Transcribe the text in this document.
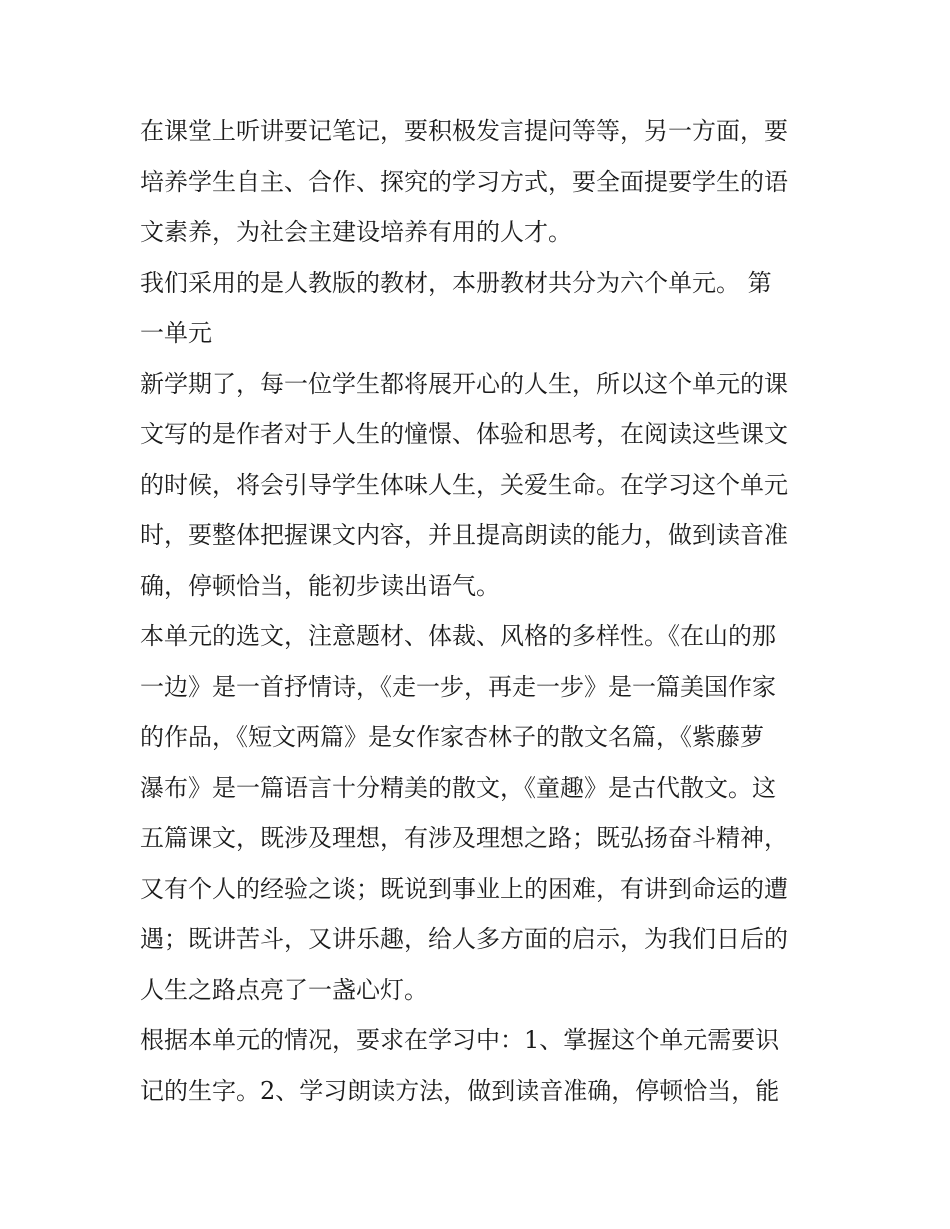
在课堂上听讲要记笔记，要积极发言提问等等，另一方面，要
培养学生自主、合作、探究的学习方式，要全面提要学生的语
文素养，为社会主建设培养有用的人才。
我们采用的是人教版的教材，本册教材共分为六个单元。 第
一单元
新学期了，每一位学生都将展开心的人生，所以这个单元的课
文写的是作者对于人生的憧憬、体验和思考，在阅读这些课文
的时候，将会引导学生体味人生，关爱生命。在学习这个单元
时，要整体把握课文内容，并且提高朗读的能力，做到读音准
确，停顿恰当，能初步读出语气。
本单元的选文，注意题材、体裁、风格的多样性。《在山的那
一边》是一首抒情诗，《走一步，再走一步》是一篇美国作家
的作品，《短文两篇》是女作家杏林子的散文名篇，《紫藤萝
瀑布》是一篇语言十分精美的散文，《童趣》是古代散文。这
五篇课文，既涉及理想，有涉及理想之路；既弘扬奋斗精神，
又有个人的经验之谈；既说到事业上的困难，有讲到命运的遭
遇；既讲苦斗，又讲乐趣，给人多方面的启示，为我们日后的
人生之路点亮了一盏心灯。
根据本单元的情况，要求在学习中：1、掌握这个单元需要识
记的生字。2、学习朗读方法，做到读音准确，停顿恰当，能
